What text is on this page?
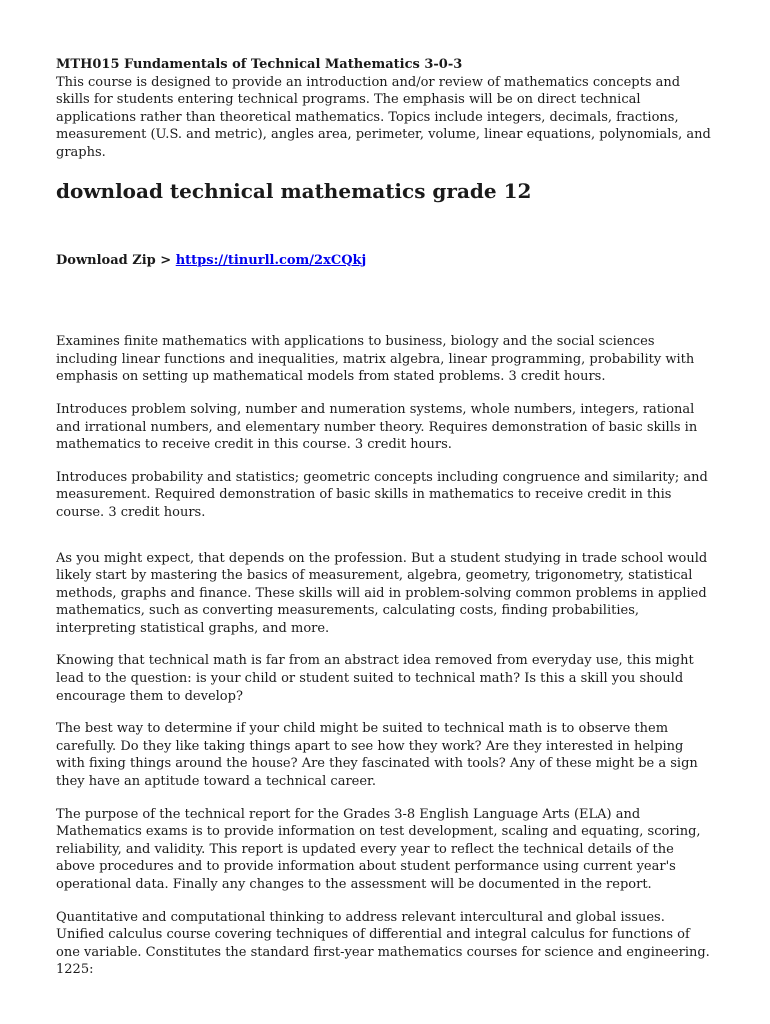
MTH015 Fundamentals of Technical Mathematics 3-0-3

This course is designed to provide an introduction and/or review of mathematics concepts and skills for students entering technical programs. The emphasis will be on direct technical applications rather than theoretical mathematics. Topics include integers, decimals, fractions, measurement (U.S. and metric), angles area, perimeter, volume, linear equations, polynomials, and graphs.

download technical mathematics grade 12

Download Zip > https://tinurll.com/2xCQkj

Examines finite mathematics with applications to business, biology and the social sciences including linear functions and inequalities, matrix algebra, linear programming, probability with emphasis on setting up mathematical models from stated problems. 3 credit hours.

Introduces problem solving, number and numeration systems, whole numbers, integers, rational and irrational numbers, and elementary number theory. Requires demonstration of basic skills in mathematics to receive credit in this course. 3 credit hours.

Introduces probability and statistics; geometric concepts including congruence and similarity; and measurement. Required demonstration of basic skills in mathematics to receive credit in this course. 3 credit hours.

As you might expect, that depends on the profession. But a student studying in trade school would likely start by mastering the basics of measurement, algebra, geometry, trigonometry, statistical methods, graphs and finance. These skills will aid in problem-solving common problems in applied mathematics, such as converting measurements, calculating costs, finding probabilities, interpreting statistical graphs, and more.

Knowing that technical math is far from an abstract idea removed from everyday use, this might lead to the question: is your child or student suited to technical math? Is this a skill you should encourage them to develop?

The best way to determine if your child might be suited to technical math is to observe them carefully. Do they like taking things apart to see how they work? Are they interested in helping with fixing things around the house? Are they fascinated with tools? Any of these might be a sign they have an aptitude toward a technical career.

The purpose of the technical report for the Grades 3-8 English Language Arts (ELA) and Mathematics exams is to provide information on test development, scaling and equating, scoring, reliability, and validity. This report is updated every year to reflect the technical details of the above procedures and to provide information about student performance using current year's operational data. Finally any changes to the assessment will be documented in the report.

Quantitative and computational thinking to address relevant intercultural and global issues. Unified calculus course covering techniques of differential and integral calculus for functions of one variable. Constitutes the standard first-year mathematics courses for science and engineering. 1225:
